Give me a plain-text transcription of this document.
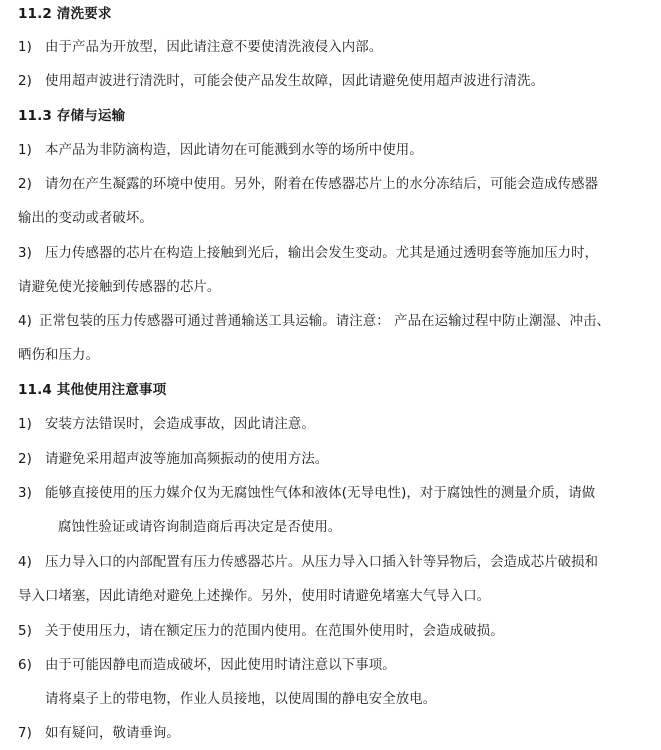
11.2 清洗要求
1) 由于产品为开放型，因此请注意不要使清洗液侵入内部。
2) 使用超声波进行清洗时，可能会使产品发生故障，因此请避免使用超声波进行清洗。
11.3 存储与运输
1) 本产品为非防滴构造，因此请勿在可能溅到水等的场所中使用。
2) 请勿在产生凝露的环境中使用。另外，附着在传感器芯片上的水分冻结后，可能会造成传感器
输出的变动或者破坏。
3) 压力传感器的芯片在构造上接触到光后，输出会发生变动。尤其是通过透明套等施加压力时，
请避免使光接触到传感器的芯片。
4) 正常包装的压力传感器可通过普通输送工具运输。请注意： 产品在运输过程中防止潮湿、冲击、
晒伤和压力。
11.4 其他使用注意事项
1) 安装方法错误时，会造成事故，因此请注意。
2) 请避免采用超声波等施加高频振动的使用方法。
3) 能够直接使用的压力媒介仅为无腐蚀性气体和液体(无导电性)，对于腐蚀性的测量介质，请做
腐蚀性验证或请咨询制造商后再决定是否使用。
4) 压力导入口的内部配置有压力传感器芯片。从压力导入口插入针等异物后，会造成芯片破损和
导入口堵塞，因此请绝对避免上述操作。另外，使用时请避免堵塞大气导入口。
5) 关于使用压力，请在额定压力的范围内使用。在范围外使用时，会造成破损。
6) 由于可能因静电而造成破坏，因此使用时请注意以下事项。
请将桌子上的带电物，作业人员接地，以使周围的静电安全放电。
7) 如有疑问，敬请垂询。
